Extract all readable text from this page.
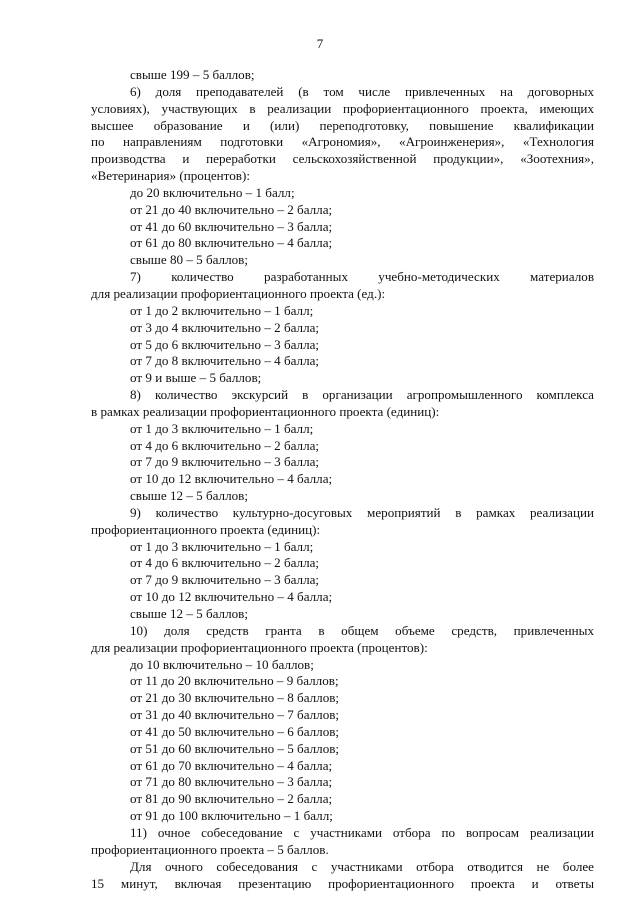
7
свыше 199 – 5 баллов;
6) доля преподавателей (в том числе привлеченных на договорных
условиях), участвующих в реализации профориентационного проекта, имеющих
высшее образование и (или) переподготовку, повышение квалификации
по направлениям подготовки «Агрономия», «Агроинженерия», «Технология
производства и переработки сельскохозяйственной продукции», «Зоотехния»,
«Ветеринария» (процентов):
до 20 включительно – 1 балл;
от 21 до 40 включительно – 2 балла;
от 41 до 60 включительно – 3 балла;
от 61 до 80 включительно – 4 балла;
свыше 80 – 5 баллов;
7) количество разработанных учебно-методических материалов
для реализации профориентационного проекта (ед.):
от 1 до 2 включительно – 1 балл;
от 3 до 4 включительно – 2 балла;
от 5 до 6 включительно – 3 балла;
от 7 до 8 включительно – 4 балла;
от 9 и выше – 5 баллов;
8) количество экскурсий в организации агропромышленного комплекса
в рамках реализации профориентационного проекта (единиц):
от 1 до 3 включительно – 1 балл;
от 4 до 6 включительно – 2 балла;
от 7 до 9 включительно – 3 балла;
от 10 до 12 включительно – 4 балла;
свыше 12 – 5 баллов;
9) количество культурно-досуговых мероприятий в рамках реализации
профориентационного проекта (единиц):
от 1 до 3 включительно – 1 балл;
от 4 до 6 включительно – 2 балла;
от 7 до 9 включительно – 3 балла;
от 10 до 12 включительно – 4 балла;
свыше 12 – 5 баллов;
10) доля средств гранта в общем объеме средств, привлеченных
для реализации профориентационного проекта (процентов):
до 10 включительно – 10 баллов;
от 11 до 20 включительно – 9 баллов;
от 21 до 30 включительно – 8 баллов;
от 31 до 40 включительно – 7 баллов;
от 41 до 50 включительно – 6 баллов;
от 51 до 60 включительно – 5 баллов;
от 61 до 70 включительно – 4 балла;
от 71 до 80 включительно – 3 балла;
от 81 до 90 включительно – 2 балла;
от 91 до 100 включительно – 1 балл;
11) очное собеседование с участниками отбора по вопросам реализации
профориентационного проекта – 5 баллов.
Для очного собеседования с участниками отбора отводится не более
15 минут, включая презентацию профориентационного проекта и ответы
